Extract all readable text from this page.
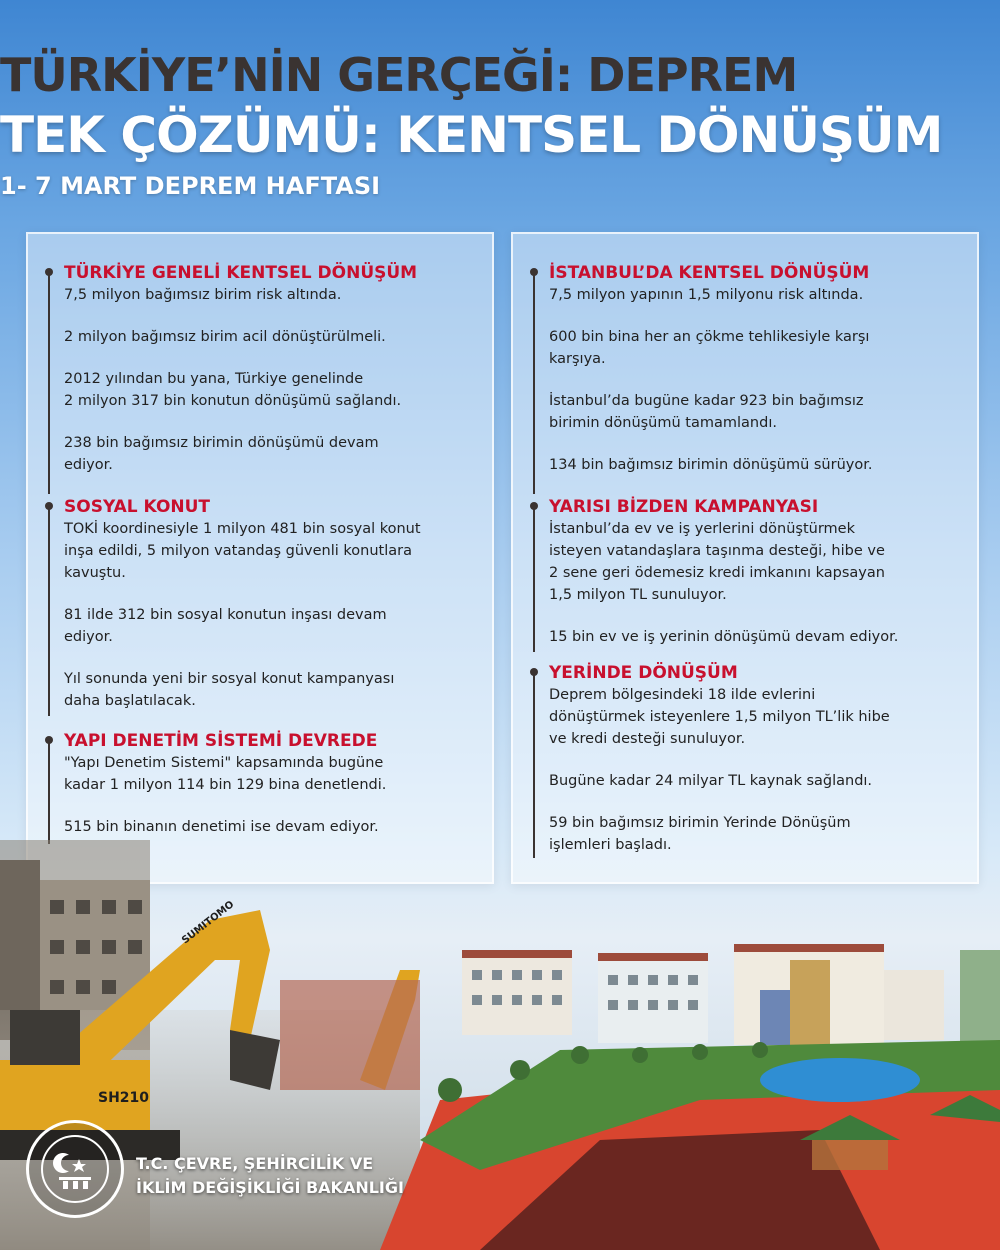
TÜRKİYE’NİN GERÇEĞİ: DEPREM
TEK ÇÖZÜMÜ: KENTSEL DÖNÜŞÜM
1- 7 MART DEPREM HAFTASI
TÜRKİYE GENELİ KENTSEL DÖNÜŞÜM

7,5 milyon bağımsız birim risk altında.

2 milyon bağımsız birim acil dönüştürülmeli.

2012 yılından bu yana, Türkiye genelinde

2 milyon 317 bin konutun dönüşümü sağlandı.

238 bin bağımsız birimin dönüşümü devam

ediyor.

SOSYAL KONUT

TOKİ koordinesiyle 1 milyon 481 bin sosyal konut

inşa edildi, 5 milyon vatandaş güvenli konutlara

kavuştu.

81 ilde 312 bin sosyal konutun inşası devam

ediyor.

Yıl sonunda yeni bir sosyal konut kampanyası

daha başlatılacak.

YAPI DENETİM SİSTEMİ DEVREDE

"Yapı Denetim Sistemi" kapsamında bugüne

kadar 1 milyon 114 bin 129 bina denetlendi.

515 bin binanın denetimi ise devam ediyor.

İSTANBUL’DA KENTSEL DÖNÜŞÜM

7,5 milyon yapının 1,5 milyonu risk altında.

600 bin bina her an çökme tehlikesiyle karşı

karşıya.

İstanbul’da bugüne kadar 923 bin bağımsız

birimin dönüşümü tamamlandı.

134 bin bağımsız birimin dönüşümü sürüyor.

YARISI BİZDEN KAMPANYASI

İstanbul’da ev ve iş yerlerini dönüştürmek

isteyen vatandaşlara taşınma desteği, hibe ve

2 sene geri ödemesiz kredi imkanını kapsayan

1,5 milyon TL sunuluyor.

15 bin ev ve iş yerinin dönüşümü devam ediyor.

YERİNDE DÖNÜŞÜM

Deprem bölgesindeki 18 ilde evlerini

dönüştürmek isteyenlere 1,5 milyon TL’lik hibe

ve kredi desteği sunuluyor.

Bugüne kadar 24 milyar TL kaynak sağlandı.

59 bin bağımsız birimin Yerinde Dönüşüm

işlemleri başladı.

SUMITOMO
SH210
T.C. ÇEVRE, ŞEHİRCİLİK VE
İKLİM DEĞİŞİKLİĞİ BAKANLIĞI
